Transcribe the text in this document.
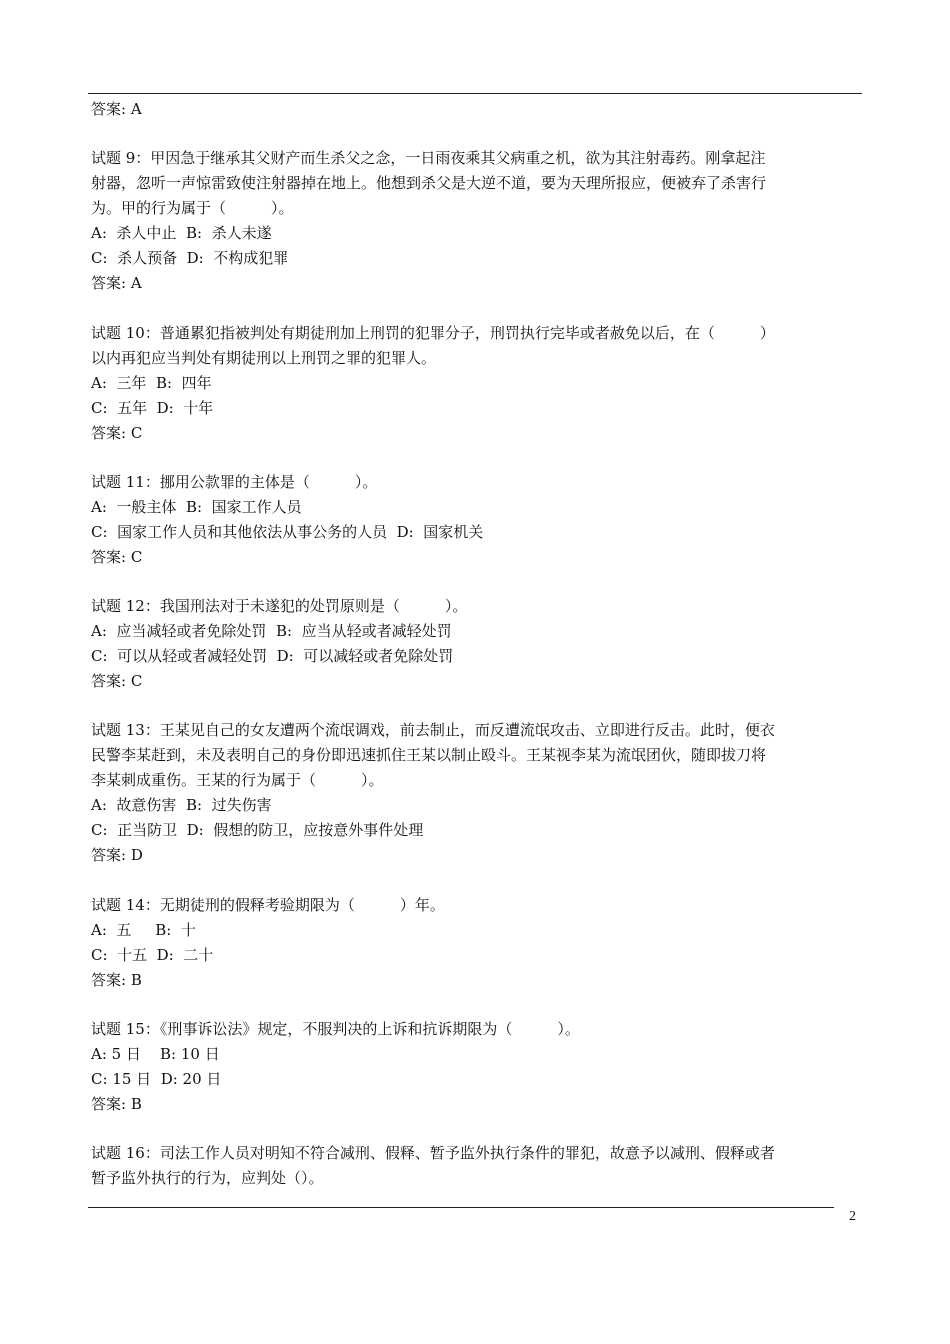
答案: A
试题 9：甲因急于继承其父财产而生杀父之念，一日雨夜乘其父病重之机，欲为其注射毒药。刚拿起注
射器，忽听一声惊雷致使注射器掉在地上。他想到杀父是大逆不道，要为天理所报应，便被弃了杀害行
为。甲的行为属于（　　　）。
A:  杀人中止  B:  杀人未遂
C:  杀人预备  D:  不构成犯罪
答案: A
试题 10：普通累犯指被判处有期徒刑加上刑罚的犯罪分子，刑罚执行完毕或者赦免以后，在（　　　）
以内再犯应当判处有期徒刑以上刑罚之罪的犯罪人。
A:  三年  B:  四年
C:  五年  D:  十年
答案: C
试题 11：挪用公款罪的主体是（　　　）。
A:  一般主体  B:  国家工作人员
C:  国家工作人员和其他依法从事公务的人员  D:  国家机关
答案: C
试题 12：我国刑法对于未遂犯的处罚原则是（　　　）。
A:  应当减轻或者免除处罚  B:  应当从轻或者减轻处罚
C:  可以从轻或者减轻处罚  D:  可以减轻或者免除处罚
答案: C
试题 13：王某见自己的女友遭两个流氓调戏，前去制止，而反遭流氓攻击、立即进行反击。此时，便衣
民警李某赶到，未及表明自己的身份即迅速抓住王某以制止殴斗。王某视李某为流氓团伙，随即拔刀将
李某刺成重伤。王某的行为属于（　　　）。
A:  故意伤害  B:  过失伤害
C:  正当防卫  D:  假想的防卫，应按意外事件处理
答案: D
试题 14：无期徒刑的假释考验期限为（　　　）年。
A:  五     B:  十
C:  十五  D:  二十
答案: B
试题 15：《刑事诉讼法》规定，不服判决的上诉和抗诉期限为（　　　）。
A: 5 日    B: 10 日
C: 15 日  D: 20 日
答案: B
试题 16：司法工作人员对明知不符合减刑、假释、暂予监外执行条件的罪犯，故意予以减刑、假释或者
暂予监外执行的行为，应判处（）。
2
